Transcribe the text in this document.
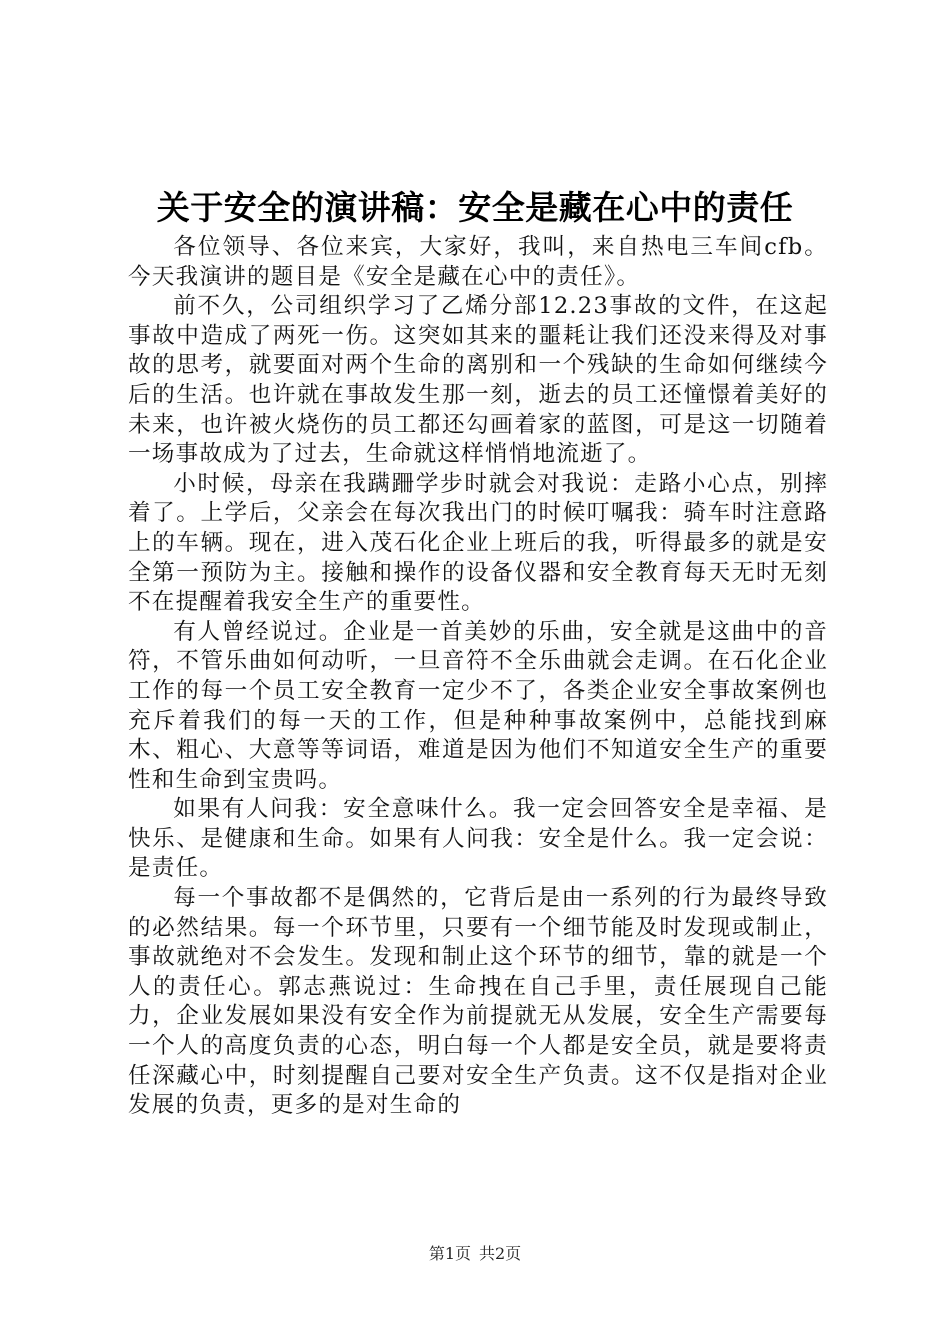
关于安全的演讲稿：安全是藏在心中的责任

各位领导、各位来宾，大家好，我叫，来自热电三车间cfb。今天我演讲的题目是《安全是藏在心中的责任》。

前不久，公司组织学习了乙烯分部12.23事故的文件，在这起事故中造成了两死一伤。这突如其来的噩耗让我们还没来得及对事故的思考，就要面对两个生命的离别和一个残缺的生命如何继续今后的生活。也许就在事故发生那一刻，逝去的员工还憧憬着美好的未来，也许被火烧伤的员工都还勾画着家的蓝图，可是这一切随着一场事故成为了过去，生命就这样悄悄地流逝了。

小时候，母亲在我蹒跚学步时就会对我说：走路小心点，别摔着了。上学后，父亲会在每次我出门的时候叮嘱我：骑车时注意路上的车辆。现在，进入茂石化企业上班后的我，听得最多的就是安全第一预防为主。接触和操作的设备仪器和安全教育每天无时无刻不在提醒着我安全生产的重要性。

有人曾经说过。企业是一首美妙的乐曲，安全就是这曲中的音符，不管乐曲如何动听，一旦音符不全乐曲就会走调。在石化企业工作的每一个员工安全教育一定少不了，各类企业安全事故案例也充斥着我们的每一天的工作，但是种种事故案例中，总能找到麻木、粗心、大意等等词语，难道是因为他们不知道安全生产的重要性和生命到宝贵吗。

如果有人问我：安全意味什么。我一定会回答安全是幸福、是快乐、是健康和生命。如果有人问我：安全是什么。我一定会说：是责任。

每一个事故都不是偶然的，它背后是由一系列的行为最终导致的必然结果。每一个环节里，只要有一个细节能及时发现或制止，事故就绝对不会发生。发现和制止这个环节的细节，靠的就是一个人的责任心。郭志燕说过：生命拽在自己手里，责任展现自己能力，企业发展如果没有安全作为前提就无从发展，安全生产需要每一个人的高度负责的心态，明白每一个人都是安全员，就是要将责任深藏心中，时刻提醒自己要对安全生产负责。这不仅是指对企业发展的负责，更多的是对生命的

第1页 共2页
